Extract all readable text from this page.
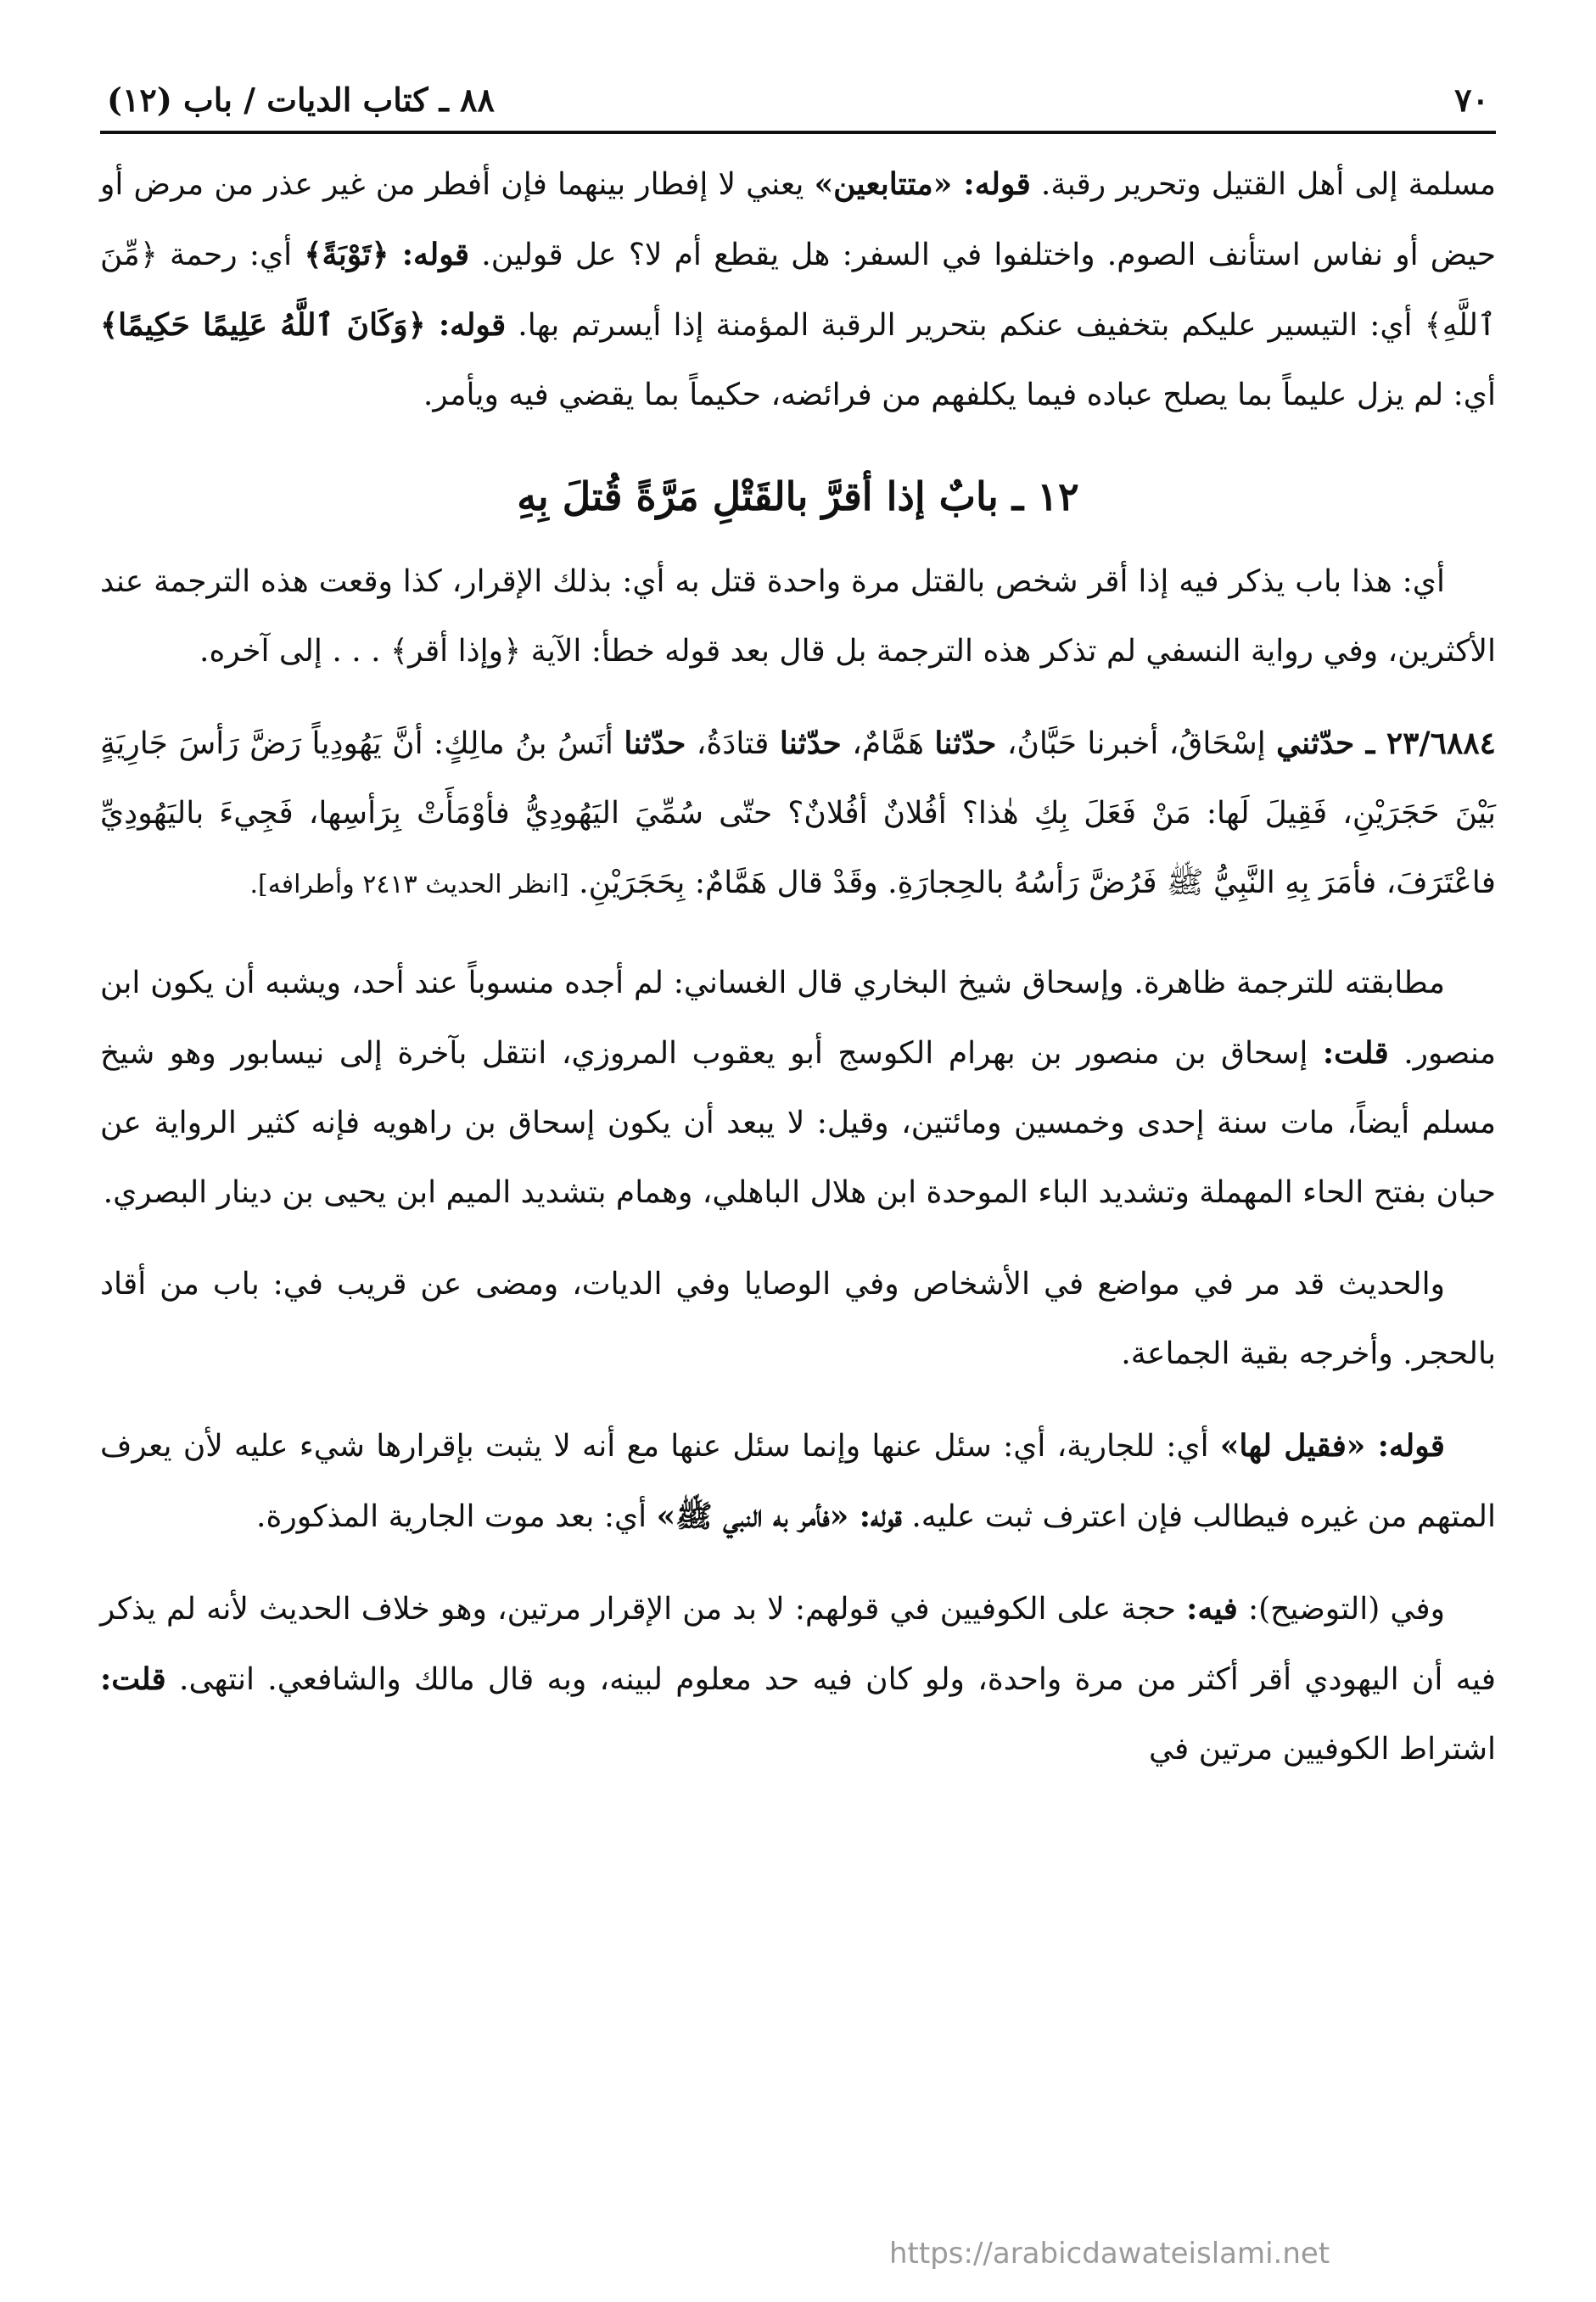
٧٠
٨٨ ـ كتاب الديات / باب (١٢)

مسلمة إلى أهل القتيل وتحرير رقبة. قوله: «متتابعين» يعني لا إفطار بينهما فإن أفطر من غير عذر من مرض أو حيض أو نفاس استأنف الصوم. واختلفوا في السفر: هل يقطع أم لا؟ عل قولين. قوله: ﴿تَوْبَةً﴾ أي: رحمة ﴿مِّنَ ٱللَّهِ﴾ أي: التيسير عليكم بتخفيف عنكم بتحرير الرقبة المؤمنة إذا أيسرتم بها. قوله: ﴿وَكَانَ ٱللَّهُ عَلِيمًا حَكِيمًا﴾ أي: لم يزل عليماً بما يصلح عباده فيما يكلفهم من فرائضه، حكيماً بما يقضي فيه ويأمر.

١٢ ـ بابٌ إذا أقرَّ بالقَتْلِ مَرَّةً قُتلَ بِهِ

أي: هذا باب يذكر فيه إذا أقر شخص بالقتل مرة واحدة قتل به أي: بذلك الإقرار، كذا وقعت هذه الترجمة عند الأكثرين، وفي رواية النسفي لم تذكر هذه الترجمة بل قال بعد قوله خطأ: الآية ﴿وإذا أقر﴾ . . . إلى آخره.

٢٣/٦٨٨٤ ـ حدّثني إسْحَاقُ، أخبرنا حَبَّانُ، حدّثنا هَمَّامٌ، حدّثنا قتادَةُ، حدّثنا أنَسُ بنُ مالِكٍ: أنَّ يَهُودِياً رَضَّ رَأسَ جَارِيَةٍ بَيْنَ حَجَرَيْنِ، فَقِيلَ لَها: مَنْ فَعَلَ بِكِ هٰذا؟ أفُلانٌ أفُلانٌ؟ حتّى سُمِّيَ اليَهُودِيُّ فأوْمَأَتْ بِرَأسِها، فَجِيءَ باليَهُودِيِّ فاعْتَرَفَ، فأمَرَ بِهِ النَّبِيُّ ﷺ فَرُضَّ رَأسُهُ بالحِجارَةِ. وقَدْ قال هَمَّامٌ: بِحَجَرَيْنِ. [انظر الحديث ٢٤١٣ وأطرافه].

مطابقته للترجمة ظاهرة. وإسحاق شيخ البخاري قال الغساني: لم أجده منسوباً عند أحد، ويشبه أن يكون ابن منصور. قلت: إسحاق بن منصور بن بهرام الكوسج أبو يعقوب المروزي، انتقل بآخرة إلى نيسابور وهو شيخ مسلم أيضاً، مات سنة إحدى وخمسين ومائتين، وقيل: لا يبعد أن يكون إسحاق بن راهويه فإنه كثير الرواية عن حبان بفتح الحاء المهملة وتشديد الباء الموحدة ابن هلال الباهلي، وهمام بتشديد الميم ابن يحيى بن دينار البصري.

والحديث قد مر في مواضع في الأشخاص وفي الوصايا وفي الديات، ومضى عن قريب في: باب من أقاد بالحجر. وأخرجه بقية الجماعة.

قوله: «فقيل لها» أي: للجارية، أي: سئل عنها وإنما سئل عنها مع أنه لا يثبت بإقرارها شيء عليه لأن يعرف المتهم من غيره فيطالب فإن اعترف ثبت عليه. قوله: «فأمر به النبي ﷺ» أي: بعد موت الجارية المذكورة.

وفي (التوضيح): فيه: حجة على الكوفيين في قولهم: لا بد من الإقرار مرتين، وهو خلاف الحديث لأنه لم يذكر فيه أن اليهودي أقر أكثر من مرة واحدة، ولو كان فيه حد معلوم لبينه، وبه قال مالك والشافعي. انتهى. قلت: اشتراط الكوفيين مرتين في

https://arabicdawateislami.net
